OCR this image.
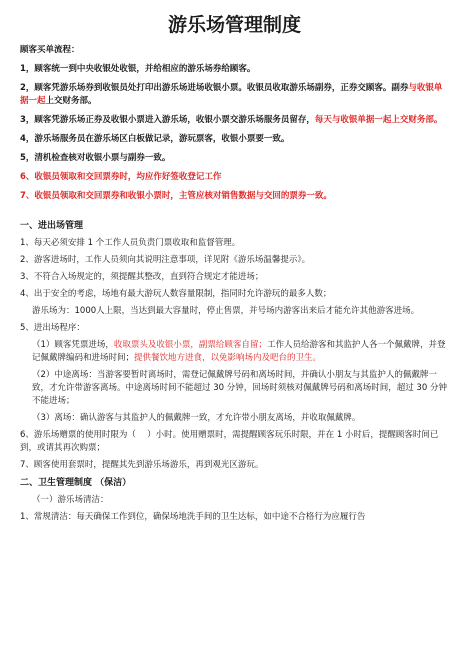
游乐场管理制度

顾客买单流程：

1，顾客统一到中央收银处收银，并给相应的游乐场券给顾客。

2，顾客凭游乐场券到收银员处打印出游乐场进场收银小票。收银员收取游乐场副券，正券交顾客。副券与收银单据一起上交财务部。

3，顾客凭游乐场正券及收银小票进入游乐场，收银小票交游乐场服务员留存，每天与收银单据一起上交财务部。

4，游乐场服务员在游乐场区白板做记录，游玩票客，收银小票要一致。

5，清机检查核对收银小票与副券一致。

6、收银员领取和交回票券时，均应作好签收登记工作

7、收银员领取和交回票券和收银小票时，主管应核对销售数据与交回的票券一致。

一、进出场管理

1、每天必须安排 1 个工作人员负责门票收取和监督管理。

2、游客进场时，工作人员须向其说明注意事项，详见附《游乐场温馨提示》。

3、不符合入场规定的，须提醒其整改，直到符合规定才能进场；

4、出于安全的考虑，场地有最大游玩人数容量限制，指同时允许游玩的最多人数；

游乐场为：1000人上限，当达到最大容量时，停止售票，并号场内游客出来后才能允许其他游客进场。

5、进出场程序：

（1）顾客凭票进场，收取票头及收银小票，副票给顾客自留；工作人员给游客和其监护人各一个佩戴牌，并登记佩戴牌编码和进场时间；提供餐饮地方进食，以免影响场内及吧台的卫生。

（2）中途离场：当游客要暂时离场时，需登记佩戴牌号码和离场时间，并确认小朋友与其监护人的佩戴牌一致，才允许带游客离场。中途离场时间不能超过 30 分钟，回场时须核对佩戴牌号码和离场时间，超过 30 分钟不能进场；

（3）离场：确认游客与其监护人的佩戴牌一致，才允许带小朋友离场，并收取佩戴牌。

6、游乐场赠票的使用时限为（　 ）小时。使用赠票时，需提醒顾客玩乐时限，并在 1 小时后，提醒顾客时间已到，或请其再次购票；

7、顾客使用套票时，提醒其先到游乐场游乐，再到观光区游玩。

二、卫生管理制度 （保洁）

（一）游乐场清洁：

1、常规清洁：每天确保工作到位，确保场地洗手间的卫生达标，如中途不合格行为应履行告
